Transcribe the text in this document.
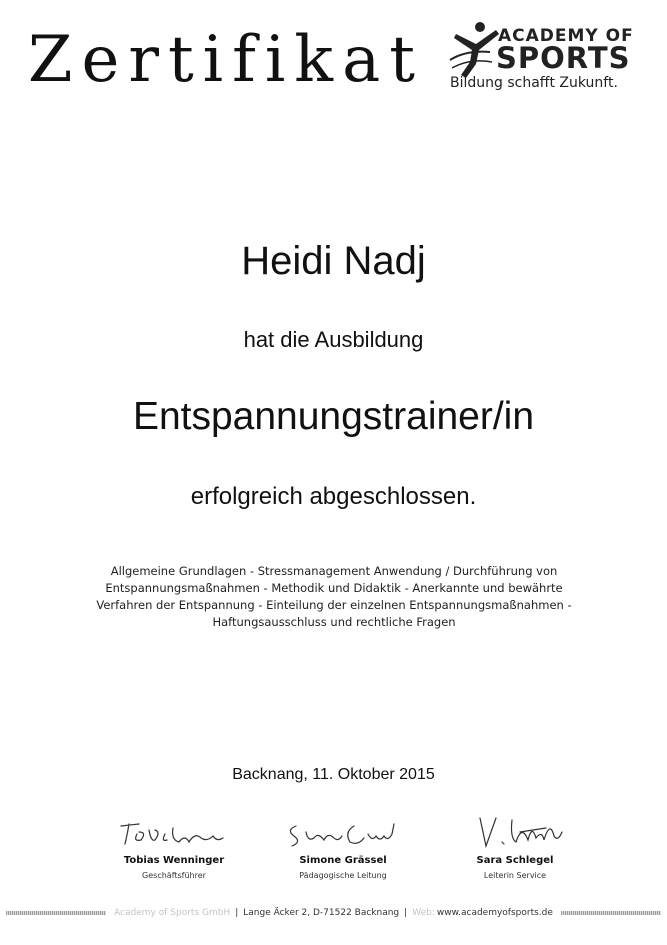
Zertifikat	ACADEMY OF
SPORTS
Bildung schafft Zukunft.
Heidi Nadj
hat die Ausbildung
Entspannungstrainer/in
erfolgreich abgeschlossen.
Allgemeine Grundlagen - Stressmanagement Anwendung / Durchführung von
Entspannungsmaßnahmen - Methodik und Didaktik - Anerkannte und bewährte
Verfahren der Entspannung - Einteilung der einzelnen Entspannungsmaßnahmen -
Haftungsausschluss und rechtliche Fragen
Backnang, 11. Oktober 2015
Tobias Wenninger
Geschäftsführer
Simone Grässel
Pädagogische Leitung
Sara Schlegel
Leiterin Service
Academy of Sports GmbH | Lange Äcker 2, D-71522 Backnang | Web: www.academyofsports.de
